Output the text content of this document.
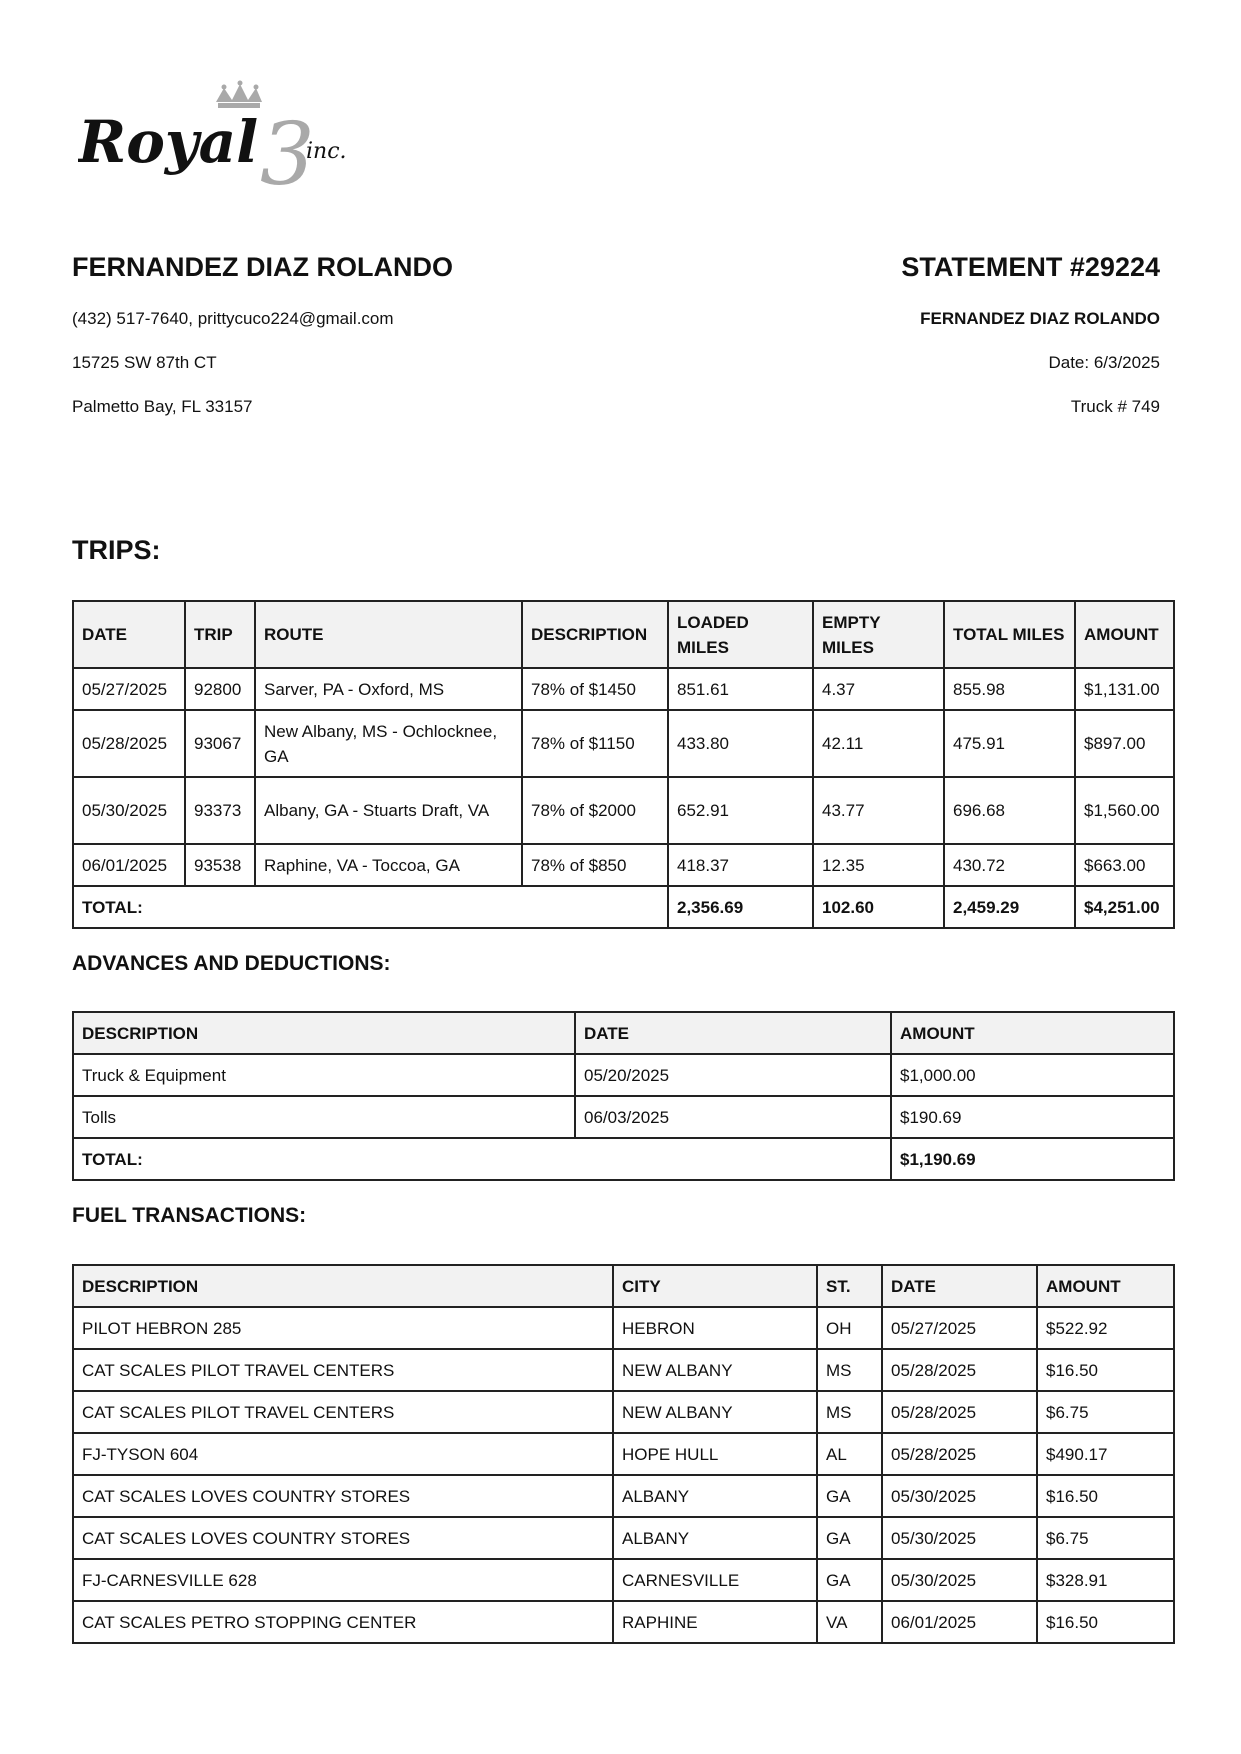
3
Royal inc.
FERNANDEZ DIAZ ROLANDO	STATEMENT #29224
(432) 517-7640, prittycuco224@gmail.com
15725 SW 87th CT
Palmetto Bay, FL 33157
FERNANDEZ DIAZ ROLANDO
Date: 6/3/2025
Truck # 749
TRIPS:
DATE	TRIP	ROUTE	DESCRIPTION	LOADED MILES	EMPTY MILES	TOTAL MILES	AMOUNT
05/27/2025	92800	Sarver, PA - Oxford, MS	78% of $1450	851.61	4.37	855.98	$1,131.00
05/28/2025	93067	New Albany, MS - Ochlocknee, GA	78% of $1150	433.80	42.11	475.91	$897.00
05/30/2025	93373	Albany, GA - Stuarts Draft, VA	78% of $2000	652.91	43.77	696.68	$1,560.00
06/01/2025	93538	Raphine, VA - Toccoa, GA	78% of $850	418.37	12.35	430.72	$663.00
TOTAL:				2,356.69	102.60	2,459.29	$4,251.00
ADVANCES AND DEDUCTIONS:
DESCRIPTION	DATE	AMOUNT
Truck & Equipment	05/20/2025	$1,000.00
Tolls	06/03/2025	$190.69
TOTAL:		$1,190.69
FUEL TRANSACTIONS:
DESCRIPTION	CITY	ST.	DATE	AMOUNT
PILOT HEBRON 285	HEBRON	OH	05/27/2025	$522.92
CAT SCALES PILOT TRAVEL CENTERS	NEW ALBANY	MS	05/28/2025	$16.50
CAT SCALES PILOT TRAVEL CENTERS	NEW ALBANY	MS	05/28/2025	$6.75
FJ-TYSON 604	HOPE HULL	AL	05/28/2025	$490.17
CAT SCALES LOVES COUNTRY STORES	ALBANY	GA	05/30/2025	$16.50
CAT SCALES LOVES COUNTRY STORES	ALBANY	GA	05/30/2025	$6.75
FJ-CARNESVILLE 628	CARNESVILLE	GA	05/30/2025	$328.91
CAT SCALES PETRO STOPPING CENTER	RAPHINE	VA	06/01/2025	$16.50
